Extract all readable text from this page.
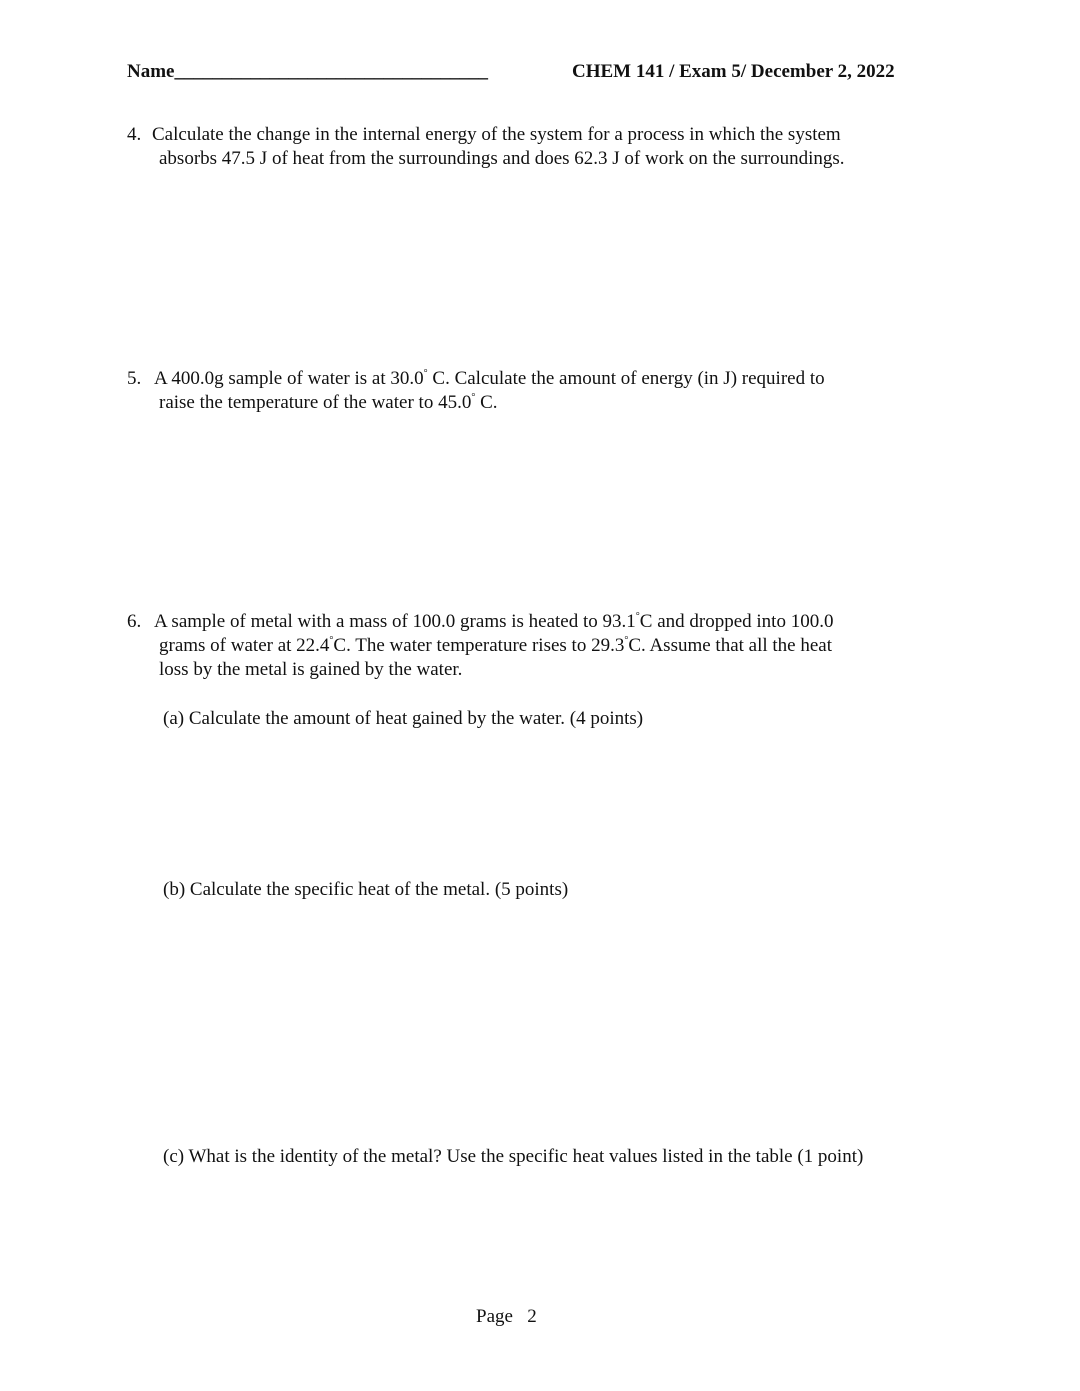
Name_________________________________	CHEM 141 / Exam 5/ December 2, 2022
4. Calculate the change in the internal energy of the system for a process in which the system
absorbs 47.5 J of heat from the surroundings and does 62.3 J of work on the surroundings.
5. A 400.0g sample of water is at 30.0° C. Calculate the amount of energy (in J) required to
raise the temperature of the water to 45.0° C.
6. A sample of metal with a mass of 100.0 grams is heated to 93.1°C and dropped into 100.0
grams of water at 22.4°C. The water temperature rises to 29.3°C. Assume that all the heat
loss by the metal is gained by the water.
(a) Calculate the amount of heat gained by the water. (4 points)
(b) Calculate the specific heat of the metal. (5 points)
(c) What is the identity of the metal? Use the specific heat values listed in the table (1 point)
Page 2
